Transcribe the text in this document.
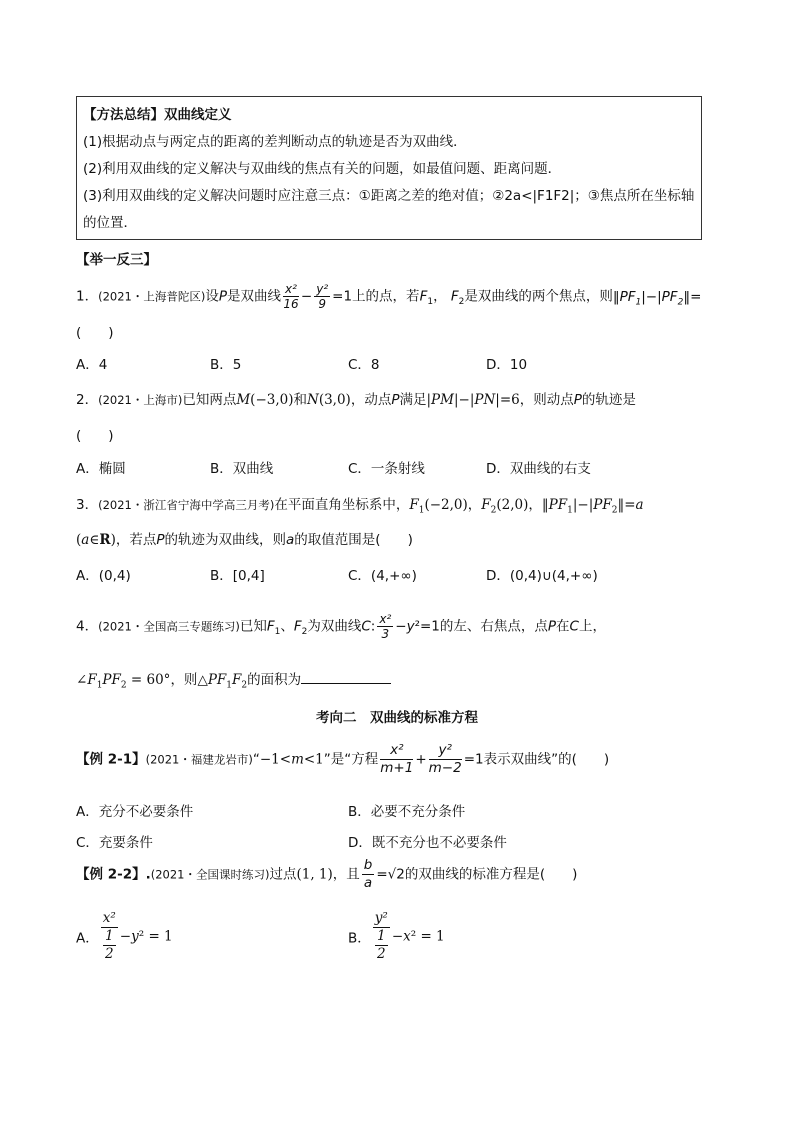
【方法总结】双曲线定义
(1)根据动点与两定点的距离的差判断动点的轨迹是否为双曲线．
(2)利用双曲线的定义解决与双曲线的焦点有关的问题，如最值问题、距离问题．
(3)利用双曲线的定义解决问题时应注意三点：①距离之差的绝对值；②2a<|F1F2|；③焦点所在坐标轴
的位置．
【举一反三】
1．(2021・上海普陀区)设P是双曲线 $\frac{\text{x²}}{16} - \frac{\text{y²}}{9} =1$上的点，若$F_1$， $F_2$是双曲线的两个焦点，则$‖PF_1|-|PF_2‖=$
(　　)
A．4	B．5	C．8	D．10
2．(2021・上海市)已知两点M(−3,0)和N(3,0)，动点P满足|PM|−|PN|=6，则动点P的轨迹是
(　　)
A．椭圆	B．双曲线	C．一条射线	D．双曲线的右支
3．(2021・浙江省宁海中学高三月考)在平面直角坐标系中，$F_1(-2,0)$，$F_2(2,0)$，$‖PF_1|-|PF_2‖=a$
(a∈R)，若点P的轨迹为双曲线，则a的取值范围是(　　)
A．(0,4)	B．[0,4]	C．(4,+∞)	D．(0,4)∪(4,+∞)
4．(2021・全国高三专题练习)已知$F_1$、$F_2$为双曲线C: $\frac{\text{x²}}{3} -y^2=1$的左、右焦点，点P在C上，
$\angle F_1PF_2 = 60^\circ$，则$\triangle PF_1F_2$的面积为
考向二　双曲线的标准方程
【例 2-1】(2021・福建龙岩市)“−1<m<1”是“方程 $\frac{\text{x²}}{m+1} + \frac{\text{y²}}{m-2} =1$表示双曲线”的(　　)
A．充分不必要条件	B．必要不充分条件
C．充要条件	D．既不充分也不必要条件
【例 2-2】.(2021・全国课时练习)过点(1, 1)，且 $\frac{b}{a} =√2$的双曲线的标准方程是(　　)
A． $\frac{\text{x²}}{\frac{1}{2}} -y^2 = 1$	B． $\frac{\text{y²}}{\frac{1}{2}} -x^2 = 1$
